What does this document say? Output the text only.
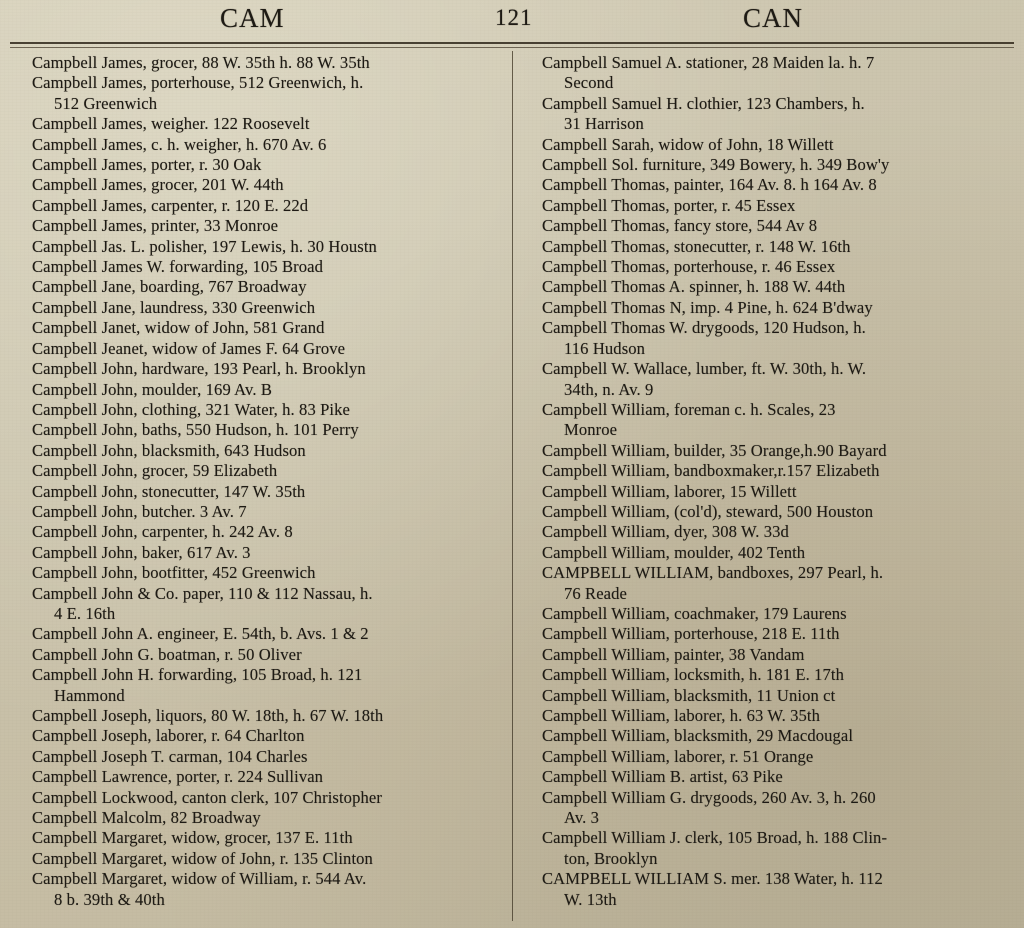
CAM	121	CAN
Campbell James, grocer, 88 W. 35th h. 88 W. 35th
Campbell James, porterhouse, 512 Greenwich, h.
512 Greenwich
Campbell James, weigher. 122 Roosevelt
Campbell James, c. h. weigher, h. 670 Av. 6
Campbell James, porter, r. 30 Oak
Campbell James, grocer, 201 W. 44th
Campbell James, carpenter, r. 120 E. 22d
Campbell James, printer, 33 Monroe
Campbell Jas. L. polisher, 197 Lewis, h. 30 Houstn
Campbell James W. forwarding, 105 Broad
Campbell Jane, boarding, 767 Broadway
Campbell Jane, laundress, 330 Greenwich
Campbell Janet, widow of John, 581 Grand
Campbell Jeanet, widow of James F. 64 Grove
Campbell John, hardware, 193 Pearl, h. Brooklyn
Campbell John, moulder, 169 Av. B
Campbell John, clothing, 321 Water, h. 83 Pike
Campbell John, baths, 550 Hudson, h. 101 Perry
Campbell John, blacksmith, 643 Hudson
Campbell John, grocer, 59 Elizabeth
Campbell John, stonecutter, 147 W. 35th
Campbell John, butcher. 3 Av. 7
Campbell John, carpenter, h. 242 Av. 8
Campbell John, baker, 617 Av. 3
Campbell John, bootfitter, 452 Greenwich
Campbell John & Co. paper, 110 & 112 Nassau, h.
4 E. 16th
Campbell John A. engineer, E. 54th, b. Avs. 1 & 2
Campbell John G. boatman, r. 50 Oliver
Campbell John H. forwarding, 105 Broad, h. 121
Hammond
Campbell Joseph, liquors, 80 W. 18th, h. 67 W. 18th
Campbell Joseph, laborer, r. 64 Charlton
Campbell Joseph T. carman, 104 Charles
Campbell Lawrence, porter, r. 224 Sullivan
Campbell Lockwood, canton clerk, 107 Christopher
Campbell Malcolm, 82 Broadway
Campbell Margaret, widow, grocer, 137 E. 11th
Campbell Margaret, widow of John, r. 135 Clinton
Campbell Margaret, widow of William, r. 544 Av.
8 b. 39th & 40th
Campbell Samuel A. stationer, 28 Maiden la. h. 7
Second
Campbell Samuel H. clothier, 123 Chambers, h.
31 Harrison
Campbell Sarah, widow of John, 18 Willett
Campbell Sol. furniture, 349 Bowery, h. 349 Bow'y
Campbell Thomas, painter, 164 Av. 8. h 164 Av. 8
Campbell Thomas, porter, r. 45 Essex
Campbell Thomas, fancy store, 544 Av 8
Campbell Thomas, stonecutter, r. 148 W. 16th
Campbell Thomas, porterhouse, r. 46 Essex
Campbell Thomas A. spinner, h. 188 W. 44th
Campbell Thomas N, imp. 4 Pine, h. 624 B'dway
Campbell Thomas W. drygoods, 120 Hudson, h.
116 Hudson
Campbell W. Wallace, lumber, ft. W. 30th, h. W.
34th, n. Av. 9
Campbell William, foreman c. h. Scales, 23
Monroe
Campbell William, builder, 35 Orange,h.90 Bayard
Campbell William, bandboxmaker,r.157 Elizabeth
Campbell William, laborer, 15 Willett
Campbell William, (col'd), steward, 500 Houston
Campbell William, dyer, 308 W. 33d
Campbell William, moulder, 402 Tenth
CAMPBELL WILLIAM, bandboxes, 297 Pearl, h.
76 Reade
Campbell William, coachmaker, 179 Laurens
Campbell William, porterhouse, 218 E. 11th
Campbell William, painter, 38 Vandam
Campbell William, locksmith, h. 181 E. 17th
Campbell William, blacksmith, 11 Union ct
Campbell William, laborer, h. 63 W. 35th
Campbell William, blacksmith, 29 Macdougal
Campbell William, laborer, r. 51 Orange
Campbell William B. artist, 63 Pike
Campbell William G. drygoods, 260 Av. 3, h. 260
Av. 3
Campbell William J. clerk, 105 Broad, h. 188 Clin-
ton, Brooklyn
CAMPBELL WILLIAM S. mer. 138 Water, h. 112
W. 13th
